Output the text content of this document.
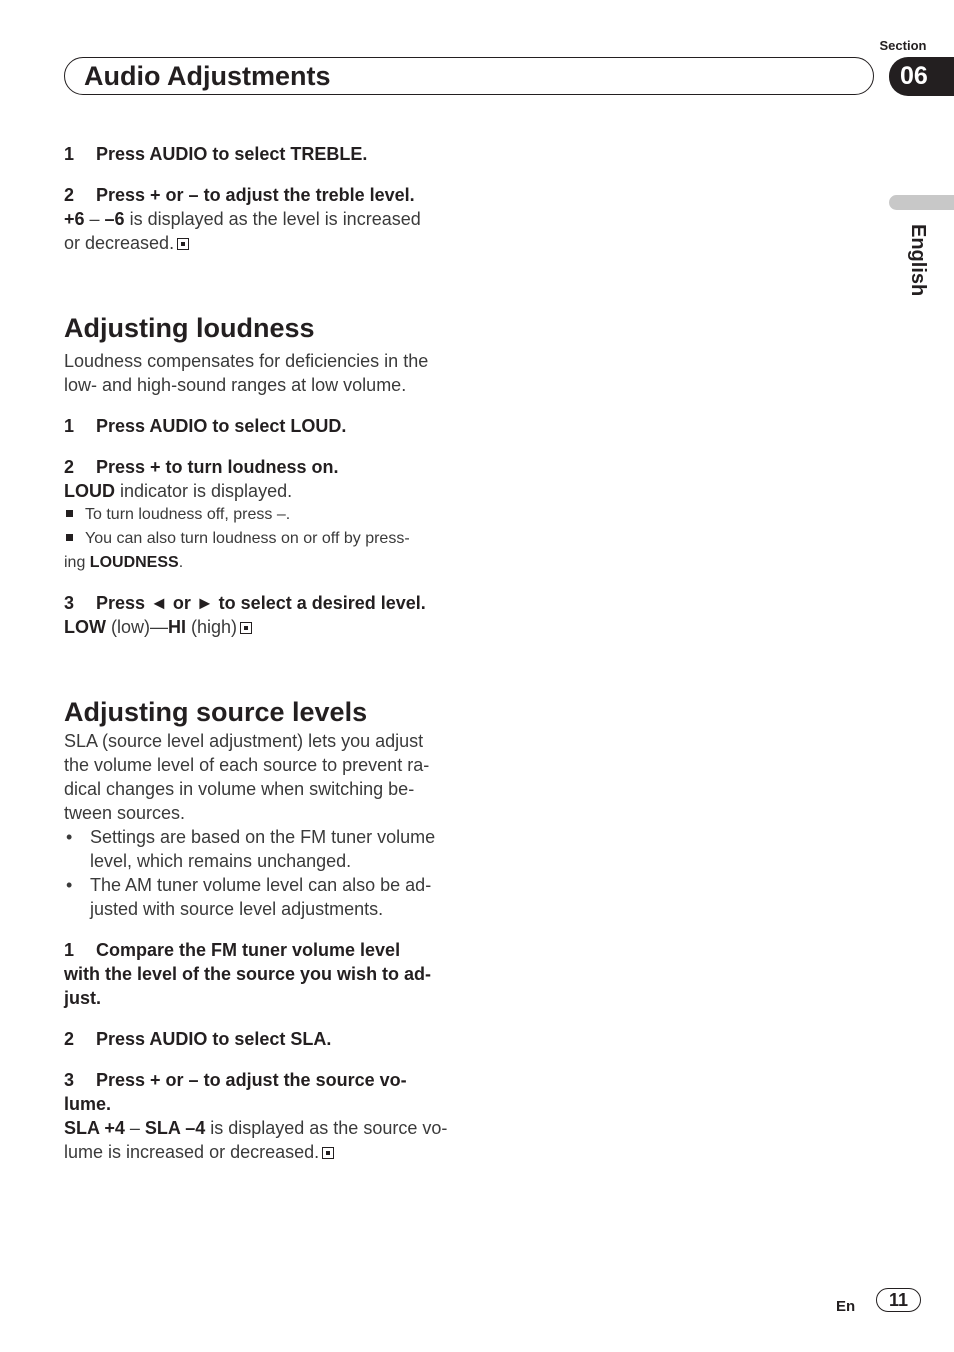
Section
Audio Adjustments	06
English

1 Press AUDIO to select TREBLE.

2 Press + or – to adjust the treble level.

+6 – –6 is displayed as the level is increased

or decreased.

Adjusting loudness

Loudness compensates for deficiencies in the

low- and high-sound ranges at low volume.

1 Press AUDIO to select LOUD.

2 Press + to turn loudness on.

LOUD indicator is displayed.

To turn loudness off, press –.

You can also turn loudness on or off by press-

ing LOUDNESS.

3 Press ◄ or ► to select a desired level.

LOW (low)—HI (high)

Adjusting source levels

SLA (source level adjustment) lets you adjust

the volume level of each source to prevent ra-

dical changes in volume when switching be-

tween sources.

• Settings are based on the FM tuner volume

level, which remains unchanged.

• The AM tuner volume level can also be ad-

justed with source level adjustments.

1 Compare the FM tuner volume level

with the level of the source you wish to ad-

just.

2 Press AUDIO to select SLA.

3 Press + or – to adjust the source vo-

lume.

SLA +4 – SLA –4 is displayed as the source vo-

lume is increased or decreased.

En	11
